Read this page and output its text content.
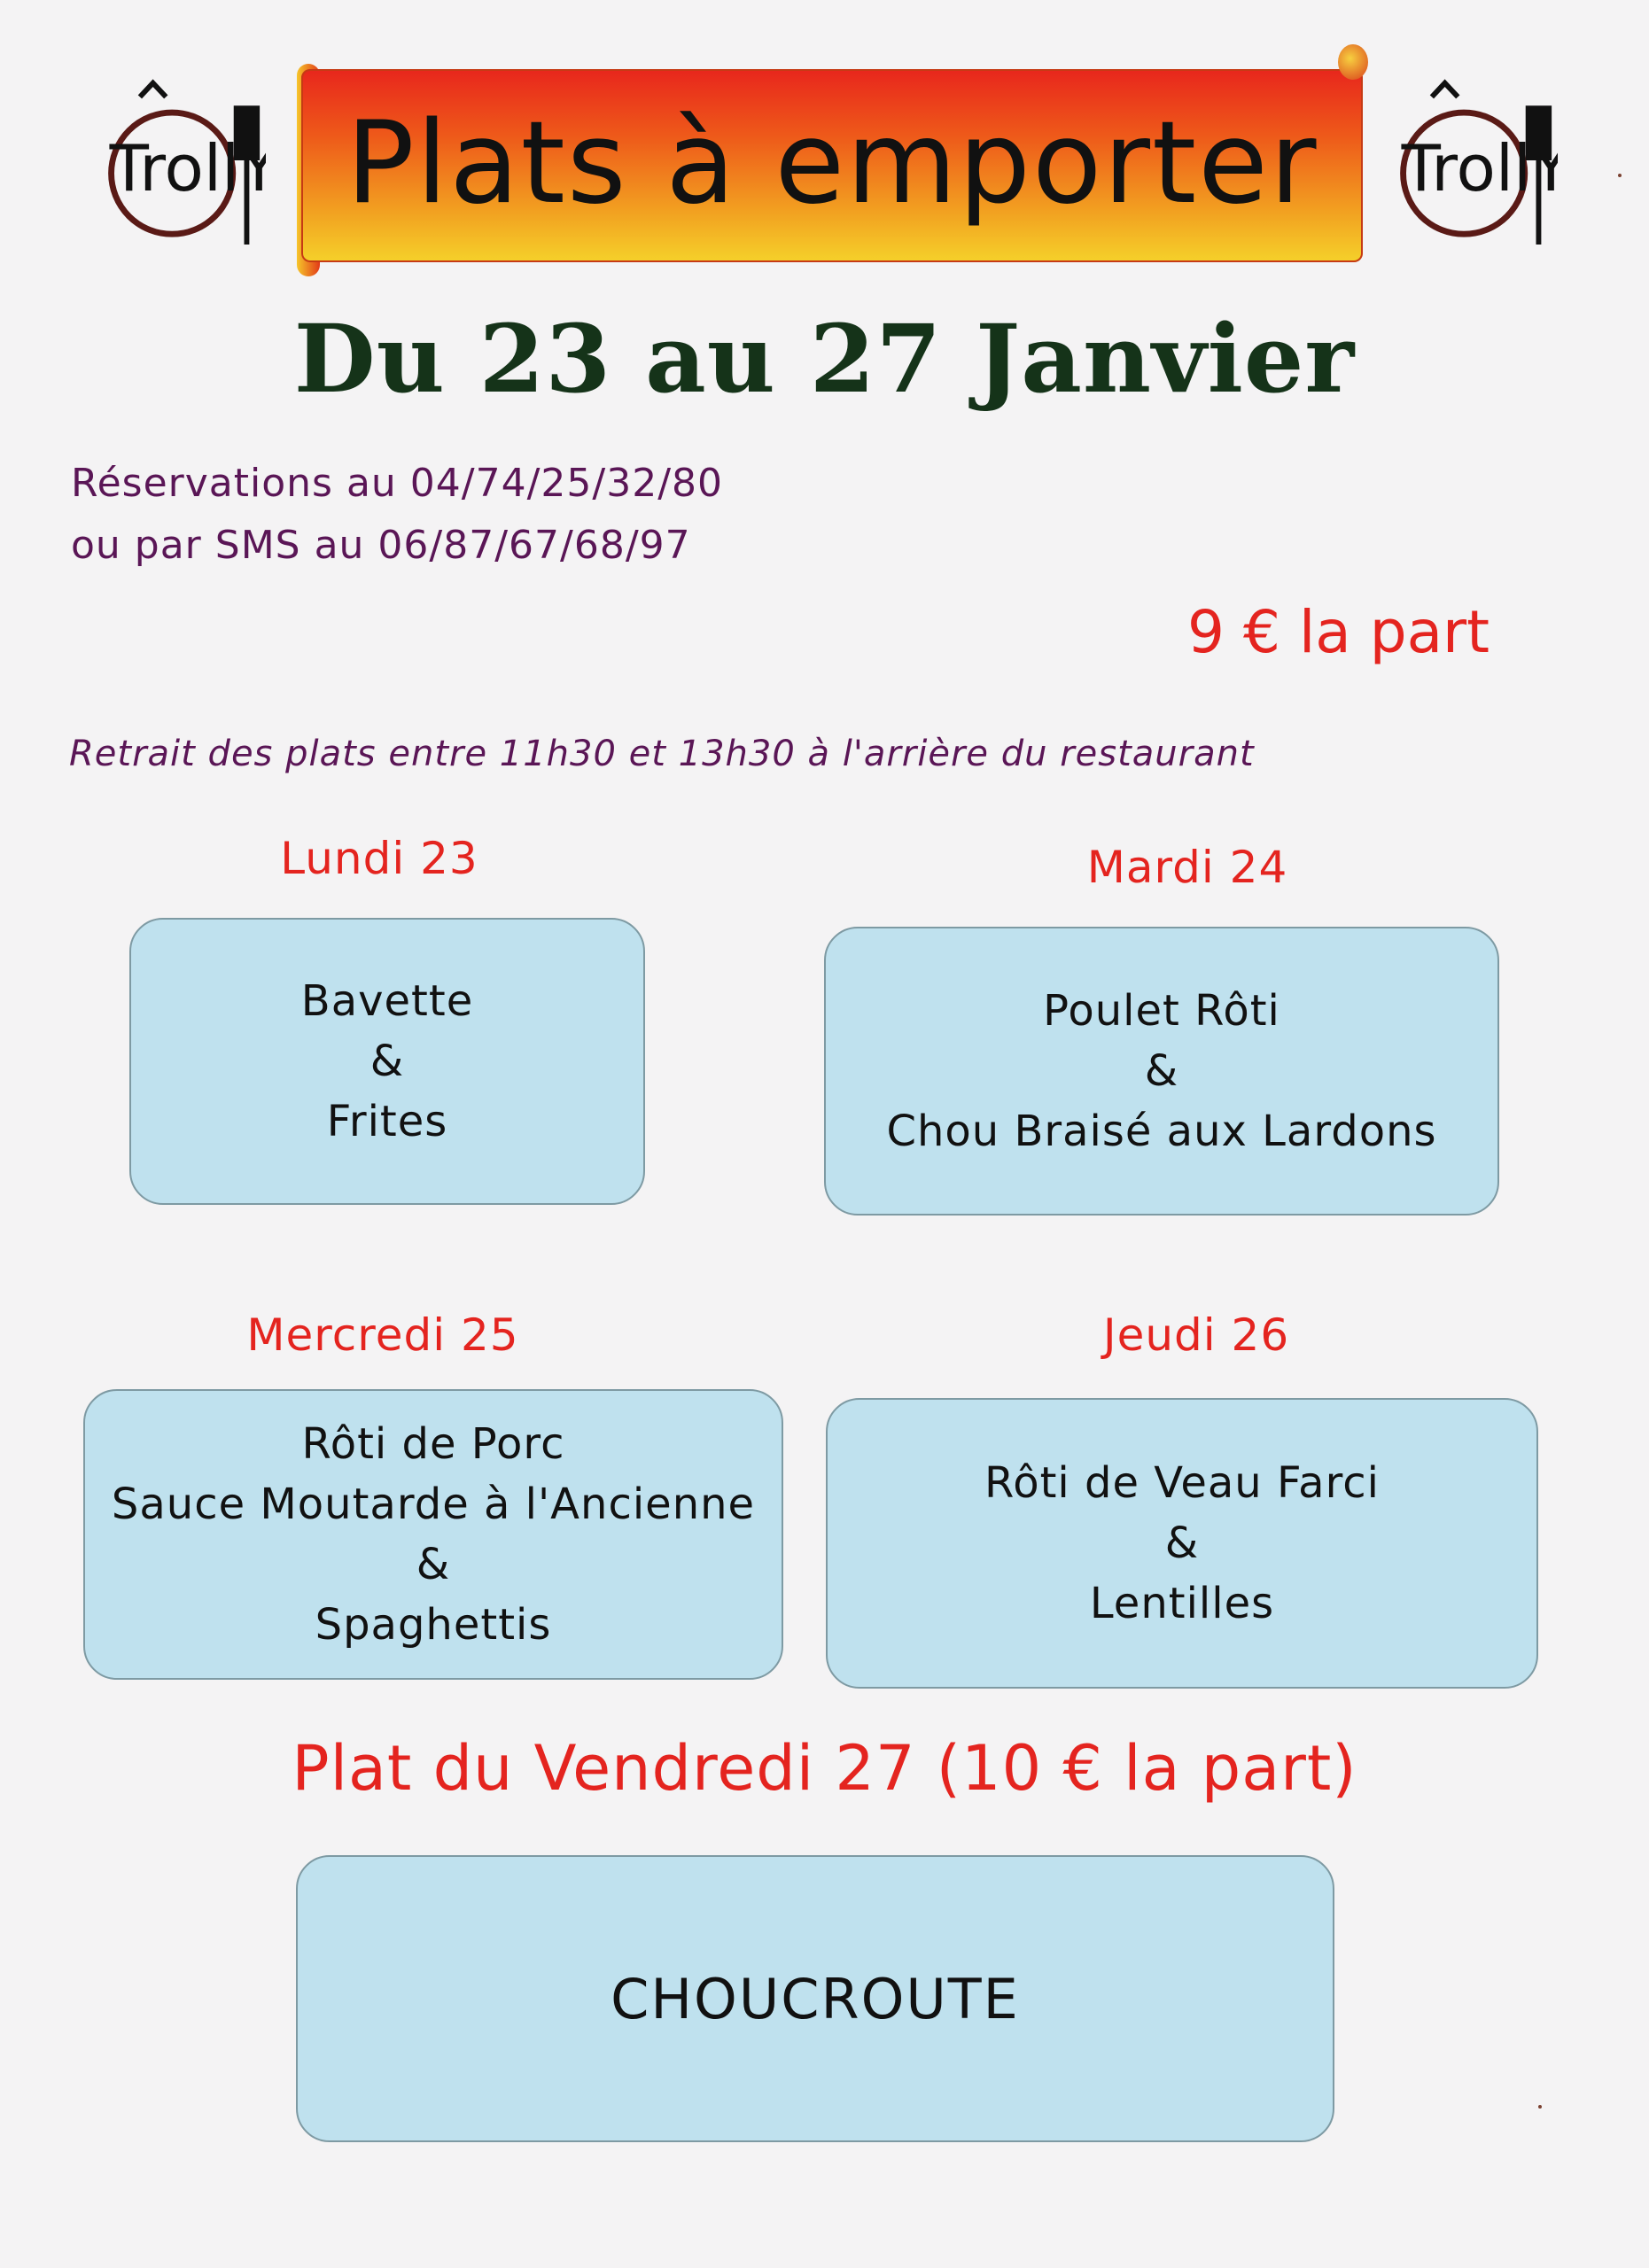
Plats à emporter
TrollY	TrollY
Du 23 au 27 Janvier
Réservations au 04/74/25/32/80
ou par SMS au 06/87/67/68/97
9 € la part
Retrait des plats entre 11h30 et 13h30 à l'arrière du restaurant
Lundi 23
Bavette
&
Frites
Mardi 24
Poulet Rôti
&
Chou Braisé aux Lardons
Mercredi 25
Rôti de Porc
Sauce Moutarde à l'Ancienne
&
Spaghettis
Jeudi 26
Rôti de Veau Farci
&
Lentilles
Plat du Vendredi 27 (10 € la part)
CHOUCROUTE
